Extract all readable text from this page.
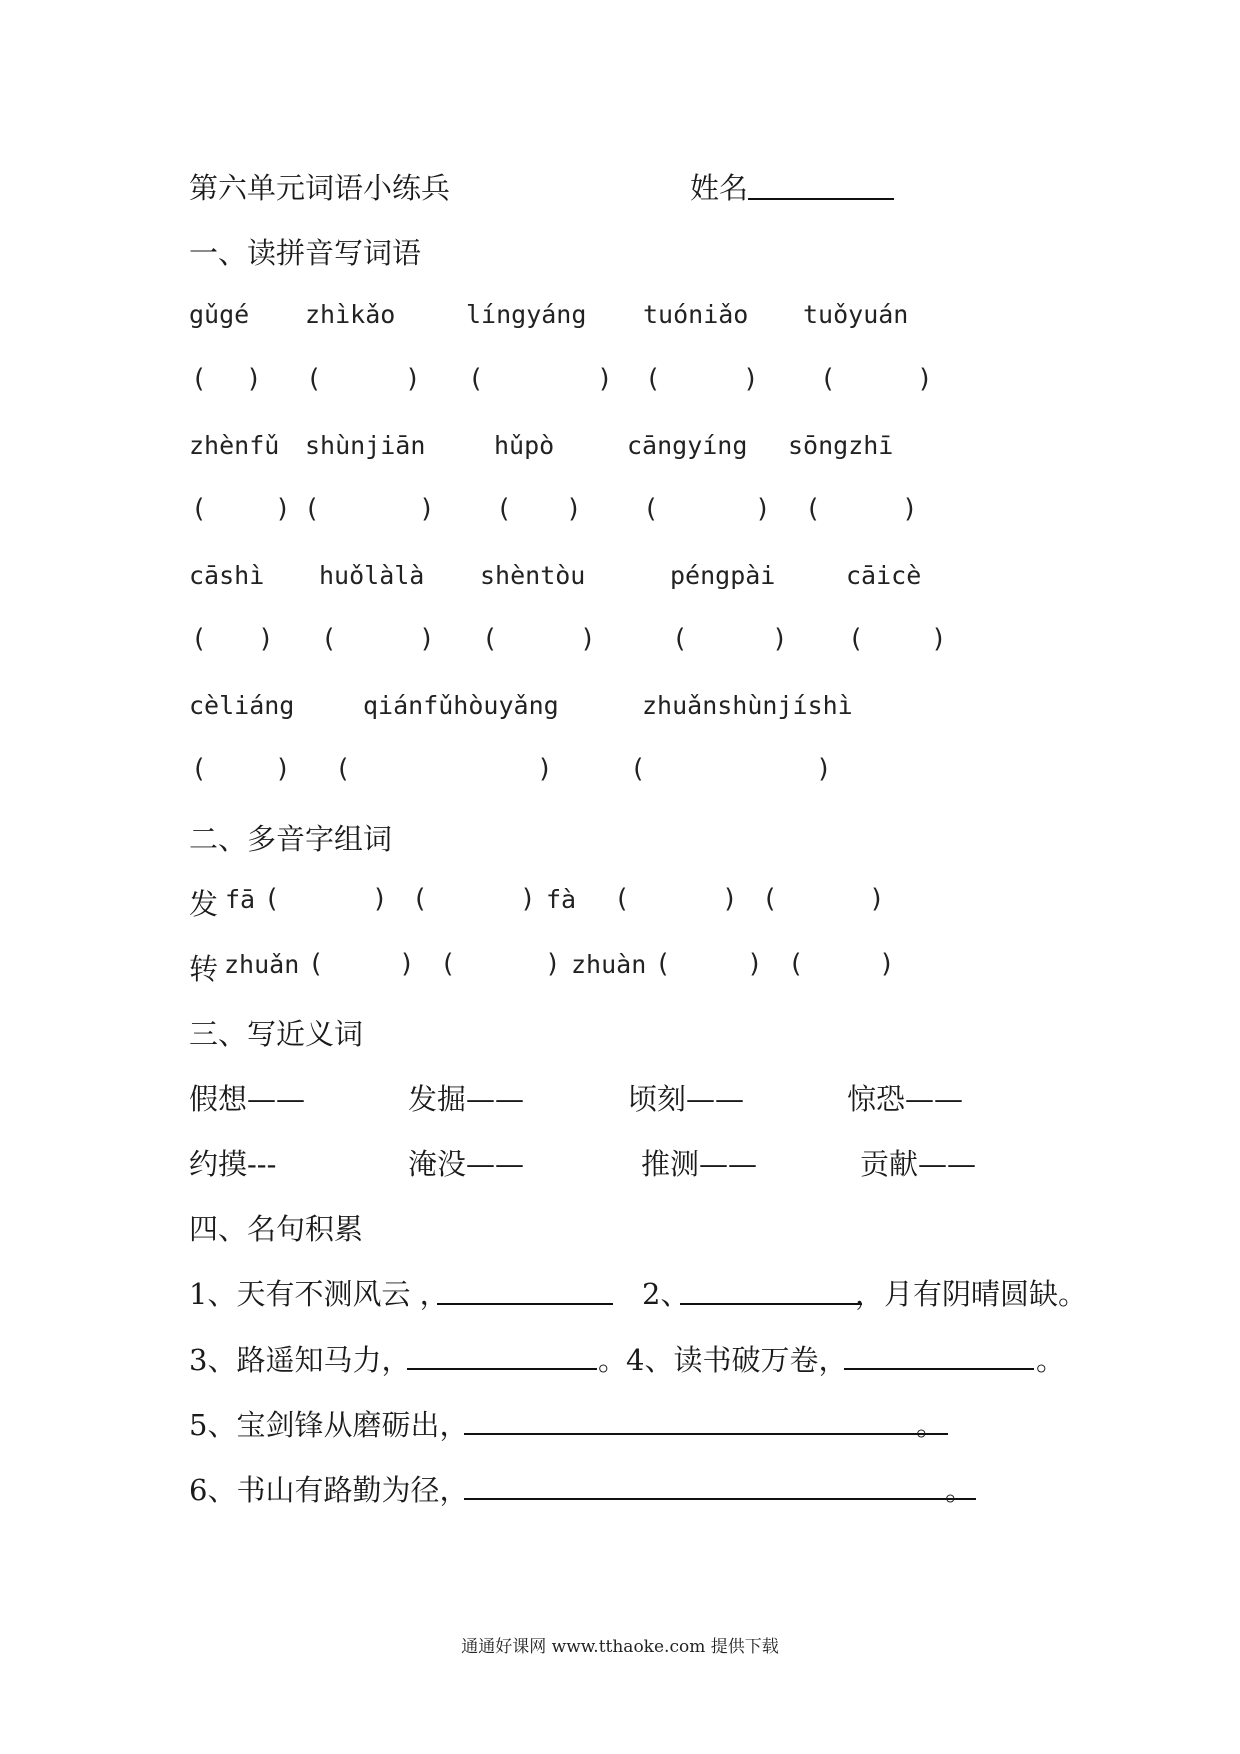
第六单元词语小练兵	姓名
一、读拼音写词语
gǔgé zhìkǎo	língyáng tuóniǎo tuǒyuán
( ) (	) (	) (	) (	)
zhènfǔ shùnjiān	hǔpò	cāngyíng sōngzhī
(	) (	) ( ) (	) (	)
cāshì huǒlàlà shèntòu	péngpài	cāicè
( ) (	) (	)	(	) (	)
cèliáng	qiánfǔhòuyǎng	zhuǎnshùnjíshì
(	) (	)	(	)
二、多音字组词
发 fā (	) (	) fà (	) (	)
转 zhuǎn (	) (	) zhuàn (	) (	)
三、写近义词
假想——	发掘——	顷刻——	惊恐——
约摸---	淹没——	推测——	贡献——
四、名句积累
1、天有不测风云 ，	2、	，月有阴晴圆缺。
3、路遥知马力，	。
4、读书破万卷，	。
5、宝剑锋从磨砺出，	。
6、书山有路勤为径，	。
通通好课网 www.tthaoke.com 提供下载
